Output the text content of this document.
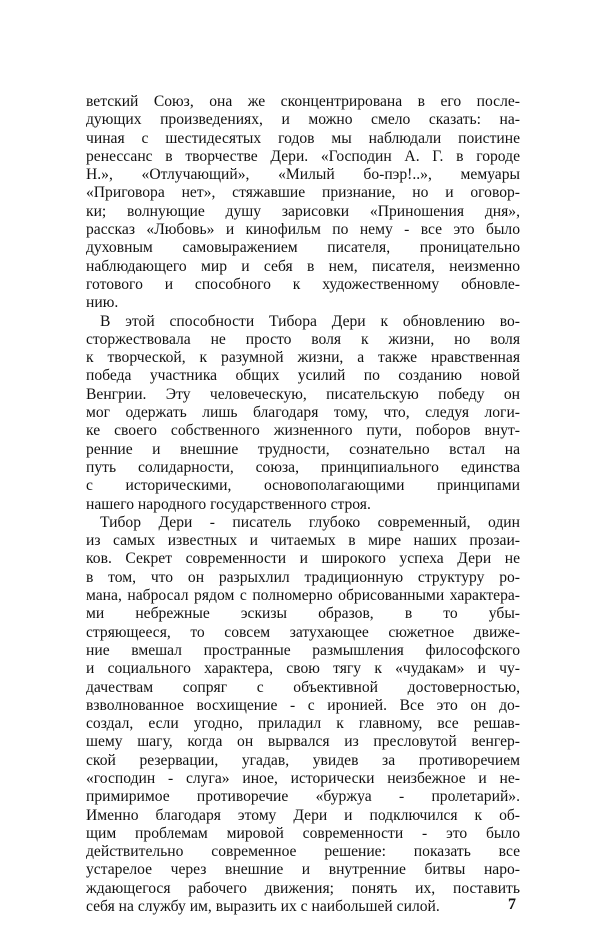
ветский Союз, она же сконцентрирована в его после-
дующих произведениях, и можно смело сказать: на-
чиная с шестидесятых годов мы наблюдали поистине
ренессанс в творчестве Дери. «Господин А. Г. в городе
Н.», «Отлучающий», «Милый бо-пэр!..», мемуары
«Приговора нет», стяжавшие признание, но и оговор-
ки; волнующие душу зарисовки «Приношения дня»,
рассказ «Любовь» и кинофильм по нему - все это было
духовным самовыражением писателя, проницательно
наблюдающего мир и себя в нем, писателя, неизменно
готового и способного к художественному обновле-
нию.
В этой способности Тибора Дери к обновлению во-
сторжествовала не просто воля к жизни, но воля
к творческой, к разумной жизни, а также нравственная
победа участника общих усилий по созданию новой
Венгрии. Эту человеческую, писательскую победу он
мог одержать лишь благодаря тому, что, следуя логи-
ке своего собственного жизненного пути, поборов внут-
ренние и внешние трудности, сознательно встал на
путь солидарности, союза, принципиального единства
с историческими, основополагающими принципами
нашего народного государственного строя.
Тибор Дери - писатель глубоко современный, один
из самых известных и читаемых в мире наших прозаи-
ков. Секрет современности и широкого успеха Дери не
в том, что он разрыхлил традиционную структуру ро-
мана, набросал рядом с полномерно обрисованными характера-
ми небрежные эскизы образов, в то убы-
стряющееся, то совсем затухающее сюжетное движе-
ние вмешал пространные размышления философского
и социального характера, свою тягу к «чудакам» и чу-
дачествам сопряг с объективной достоверностью,
взволнованное восхищение - с иронией. Все это он до-
создал, если угодно, приладил к главному, все решав-
шему шагу, когда он вырвался из пресловутой венгер-
ской резервации, угадав, увидев за противоречием
«господин - слуга» иное, исторически неизбежное и не-
примиримое противоречие «буржуа - пролетарий».
Именно благодаря этому Дери и подключился к об-
щим проблемам мировой современности - это было
действительно современное решение: показать все
устарелое через внешние и внутренние битвы наро-
ждающегося рабочего движения; понять их, поставить
себя на службу им, выразить их с наибольшей силой.	7
